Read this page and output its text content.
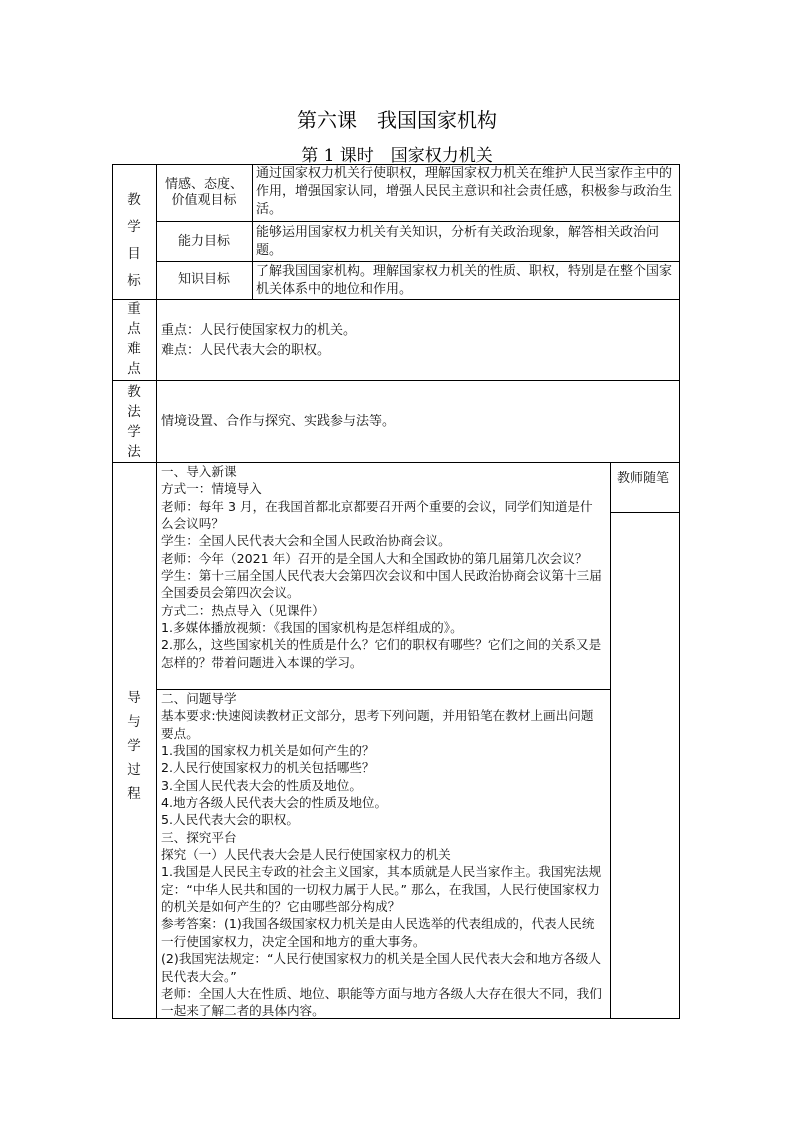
第六课　我国国家机构
第 1 课时　国家权力机关
教学目标
重点难点
教法学法
导与学过程
情感、态度、价值观目标
能力目标
知识目标
通过国家权力机关行使职权，理解国家权力机关在维护人民当家作主中的作用，增强国家认同，增强人民民主意识和社会责任感，积极参与政治生活。
能够运用国家权力机关有关知识，分析有关政治现象，解答相关政治问题。
了解我国国家机构。理解国家权力机关的性质、职权，特别是在整个国家机关体系中的地位和作用。
重点：人民行使国家权力的机关。
难点：人民代表大会的职权。
情境设置、合作与探究、实践参与法等。
教师随笔

一、导入新课

方式一：情境导入

老师：每年 3 月，在我国首都北京都要召开两个重要的会议，同学们知道是什么会议吗？

学生：全国人民代表大会和全国人民政治协商会议。

老师：今年（2021 年）召开的是全国人大和全国政协的第几届第几次会议？

学生：第十三届全国人民代表大会第四次会议和中国人民政治协商会议第十三届全国委员会第四次会议。

方式二：热点导入（见课件）

1.多媒体播放视频：《我国的国家机构是怎样组成的》。

2.那么，这些国家机关的性质是什么？它们的职权有哪些？它们之间的关系又是怎样的？带着问题进入本课的学习。

二、问题导学

基本要求:快速阅读教材正文部分，思考下列问题，并用铅笔在教材上画出问题要点。

1.我国的国家权力机关是如何产生的？

2.人民行使国家权力的机关包括哪些？

3.全国人民代表大会的性质及地位。

4.地方各级人民代表大会的性质及地位。

5.人民代表大会的职权。

三、探究平台

探究（一）人民代表大会是人民行使国家权力的机关

1.我国是人民民主专政的社会主义国家，其本质就是人民当家作主。我国宪法规定：“中华人民共和国的一切权力属于人民。” 那么，在我国，人民行使国家权力的机关是如何产生的？它由哪些部分构成？

参考答案：(1)我国各级国家权力机关是由人民选举的代表组成的，代表人民统一行使国家权力，决定全国和地方的重大事务。

(2)我国宪法规定：“人民行使国家权力的机关是全国人民代表大会和地方各级人民代表大会。”

老师：全国人大在性质、地位、职能等方面与地方各级人大存在很大不同，我们一起来了解二者的具体内容。
